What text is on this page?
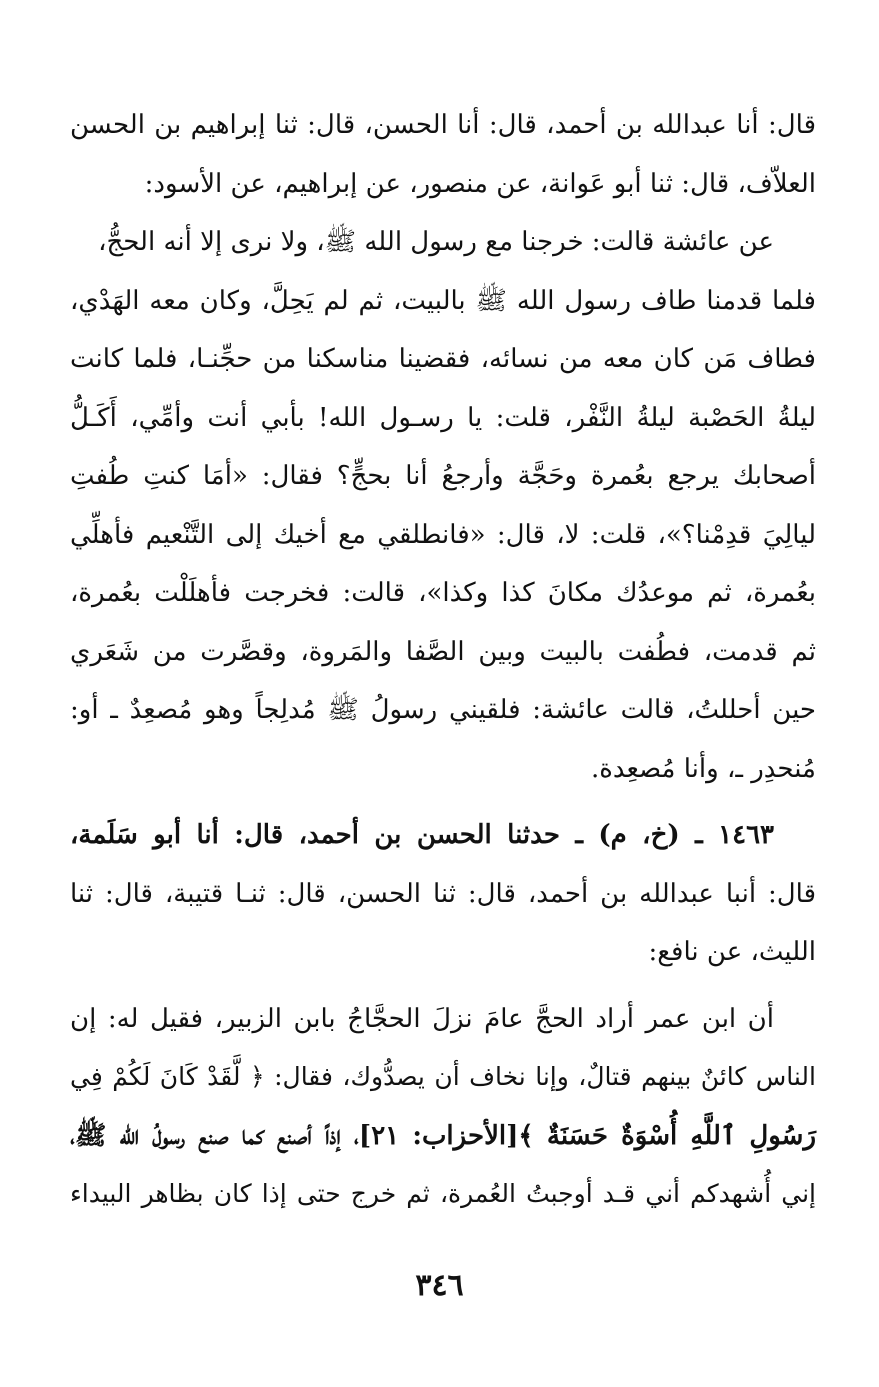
قال: أنا عبدالله بن أحمد، قال: أنا الحسن، قال: ثنا إبراهيم بن الحسن
العلاّف، قال: ثنا أبو عَوانة، عن منصور، عن إبراهيم، عن الأسود:
عن عائشة قالت: خرجنا مع رسول الله ﷺ، ولا نرى إلا أنه الحجُّ،
فلما قدمنا طاف رسول الله ﷺ بالبيت، ثم لم يَحِلَّ، وكان معه الهَدْي،
فطاف مَن كان معه من نسائه، فقضينا مناسكنا من حجِّنـا، فلما كانت
ليلةُ الحَصْبة ليلةُ النَّفْر، قلت: يا رسـول الله! بأبي أنت وأمِّي، أَكَـلُّ
أصحابك يرجع بعُمرة وحَجَّة وأرجعُ أنا بحجٍّ؟ فقال: «أمَا كنتِ طُفتِ
ليالِيَ قدِمْنا؟»، قلت: لا، قال: «فانطلقي مع أخيك إلى التَّنْعيم فأهلِّي
بعُمرة، ثم موعدُك مكانَ كذا وكذا»، قالت: فخرجت فأهلَلْت بعُمرة،
ثم قدمت، فطُفت بالبيت وبين الصَّفا والمَروة، وقصَّرت من شَعَري
حين أحللتُ، قالت عائشة: فلقيني رسولُ ﷺ مُدلِجاً وهو مُصعِدٌ ـ أو:
مُنحدِر ـ، وأنا مُصعِدة.
١٤٦٣ ـ (خ، م) ـ حدثنا الحسن بن أحمد، قال: أنا أبو سَلَمة،
قال: أنبا عبدالله بن أحمد، قال: ثنا الحسن، قال: ثنـا قتيبة، قال: ثنا
الليث، عن نافع:
أن ابن عمر أراد الحجَّ عامَ نزلَ الحجَّاجُ بابن الزبير، فقيل له: إن
الناس كائنٌ بينهم قتالٌ، وإنا نخاف أن يصدُّوك، فقال: ﴿ لَّقَدْ كَانَ لَكُمْ فِي
رَسُولِ ٱللَّهِ أُسْوَةٌ حَسَنَةٌ ﴾[الأحزاب: ٢١]، إذاً أصنع كما صنع رسولُ الله ﷺ،
إني أُشهدكم أني قـد أوجبتُ العُمرة، ثم خرج حتى إذا كان بظاهر البيداء
٣٤٦
